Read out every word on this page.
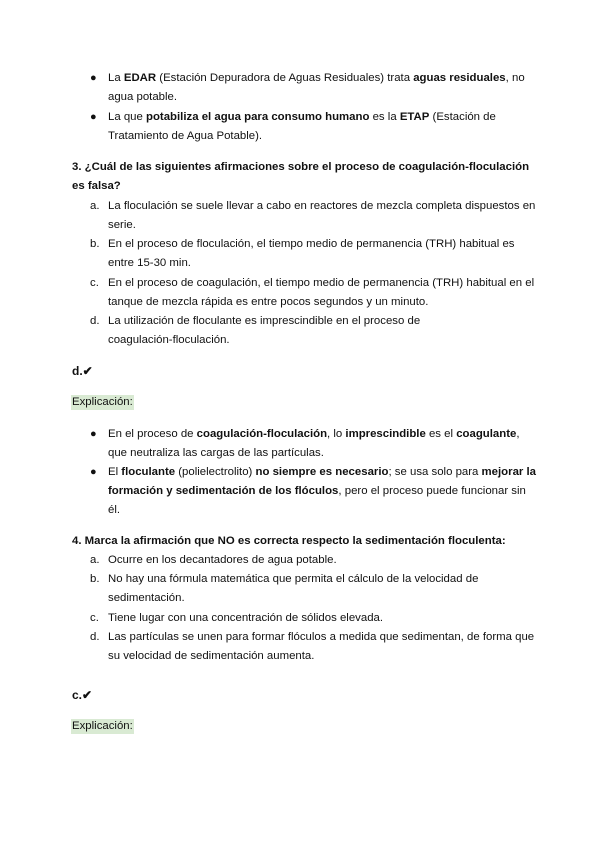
● La EDAR (Estación Depuradora de Aguas Residuales) trata aguas residuales, no
agua potable.
● La que potabiliza el agua para consumo humano es la ETAP (Estación de
Tratamiento de Agua Potable).
3. ¿Cuál de las siguientes afirmaciones sobre el proceso de coagulación-floculación
es falsa?
a. La floculación se suele llevar a cabo en reactores de mezcla completa dispuestos en
serie.
b. En el proceso de floculación, el tiempo medio de permanencia (TRH) habitual es
entre 15-30 min.
c. En el proceso de coagulación, el tiempo medio de permanencia (TRH) habitual en el
tanque de mezcla rápida es entre pocos segundos y un minuto.
d. La utilización de floculante es imprescindible en el proceso de
coagulación-floculación.
d.✔
Explicación:
● En el proceso de coagulación-floculación, lo imprescindible es el coagulante,
que neutraliza las cargas de las partículas.
● El floculante (polielectrolito) no siempre es necesario; se usa solo para mejorar la
formación y sedimentación de los flóculos, pero el proceso puede funcionar sin
él.
4. Marca la afirmación que NO es correcta respecto la sedimentación floculenta:
a. Ocurre en los decantadores de agua potable.
b. No hay una fórmula matemática que permita el cálculo de la velocidad de
sedimentación.
c. Tiene lugar con una concentración de sólidos elevada.
d. Las partículas se unen para formar flóculos a medida que sedimentan, de forma que
su velocidad de sedimentación aumenta.
c.✔
Explicación:
